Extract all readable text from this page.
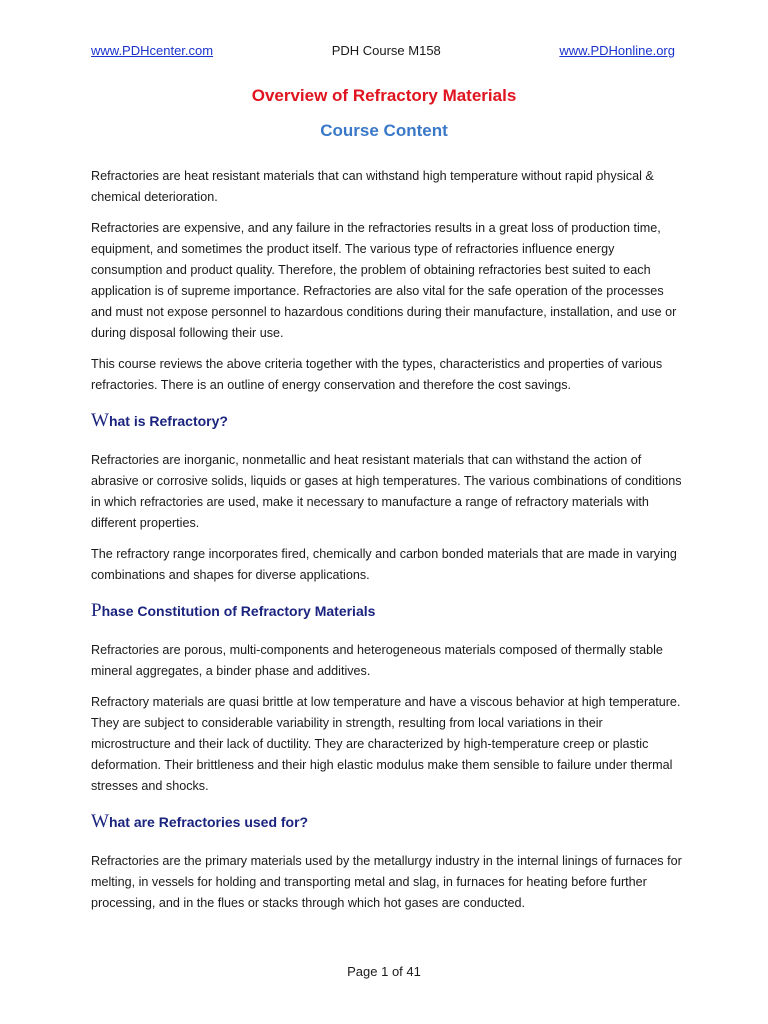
www.PDHcenter.com	PDH Course M158	www.PDHonline.org
Overview of Refractory Materials
Course Content

Refractories are heat resistant materials that can withstand high temperature without rapid physical & chemical deterioration.

Refractories are expensive, and any failure in the refractories results in a great loss of production time, equipment, and sometimes the product itself. The various type of refractories influence energy consumption and product quality. Therefore, the problem of obtaining refractories best suited to each application is of supreme importance. Refractories are also vital for the safe operation of the processes and must not expose personnel to hazardous conditions during their manufacture, installation, and use or during disposal following their use.

This course reviews the above criteria together with the types, characteristics and properties of various refractories. There is an outline of energy conservation and therefore the cost savings.

What is Refractory?

Refractories are inorganic, nonmetallic and heat resistant materials that can withstand the action of abrasive or corrosive solids, liquids or gases at high temperatures. The various combinations of conditions in which refractories are used, make it necessary to manufacture a range of refractory materials with different properties.

The refractory range incorporates fired, chemically and carbon bonded materials that are made in varying combinations and shapes for diverse applications.

Phase Constitution of Refractory Materials

Refractories are porous, multi-components and heterogeneous materials composed of thermally stable mineral aggregates, a binder phase and additives.

Refractory materials are quasi brittle at low temperature and have a viscous behavior at high temperature. They are subject to considerable variability in strength, resulting from local variations in their microstructure and their lack of ductility. They are characterized by high-temperature creep or plastic deformation. Their brittleness and their high elastic modulus make them sensible to failure under thermal stresses and shocks.

What are Refractories used for?

Refractories are the primary materials used by the metallurgy industry in the internal linings of furnaces for melting, in vessels for holding and transporting metal and slag, in furnaces for heating before further processing, and in the flues or stacks through which hot gases are conducted.

Page 1 of 41
